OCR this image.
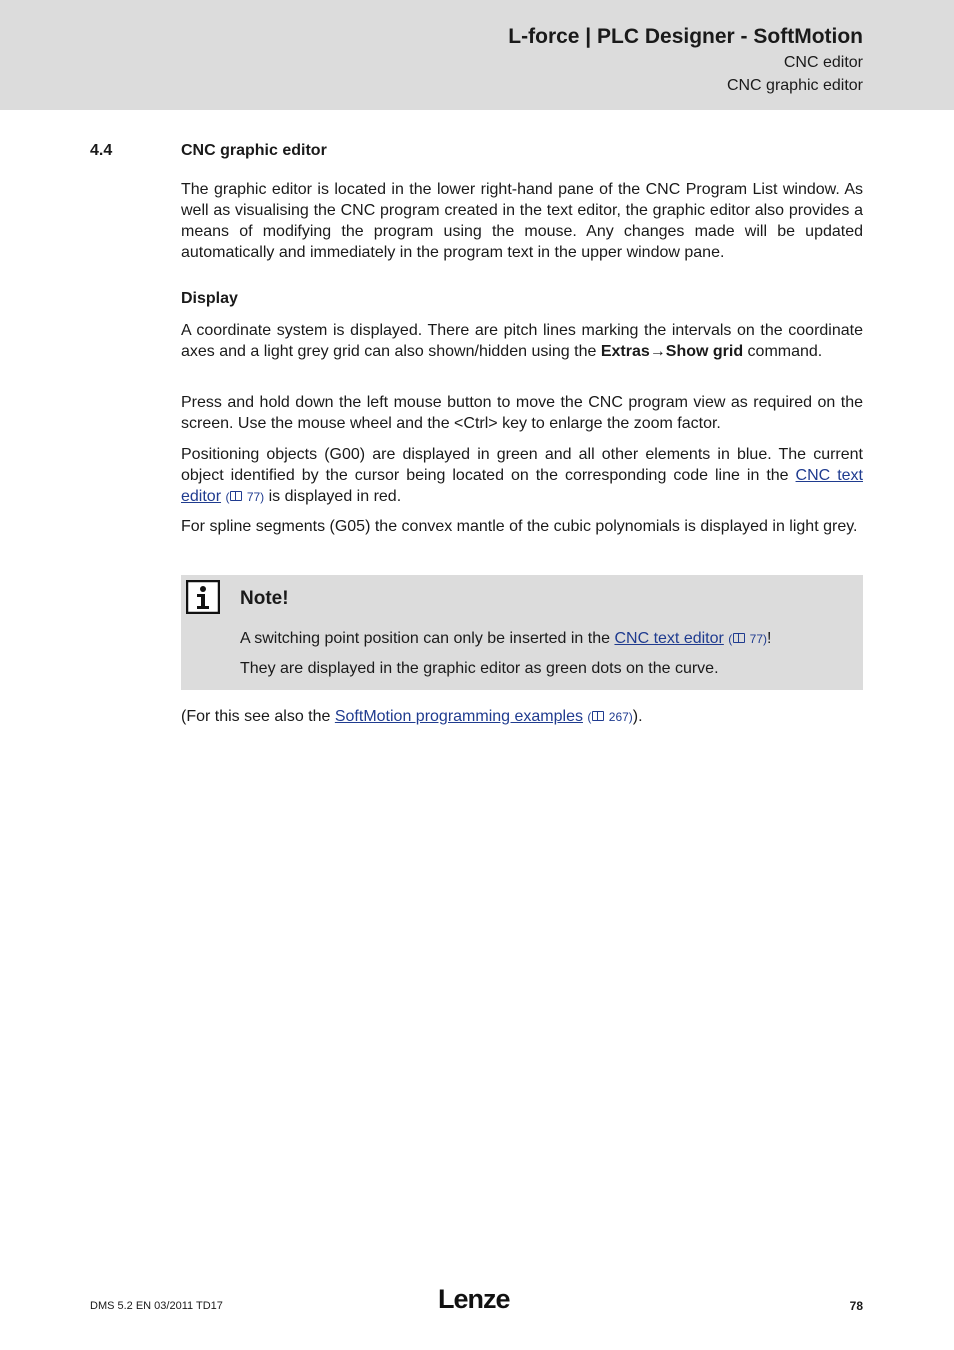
L-force | PLC Designer - SoftMotion
CNC editor
CNC graphic editor
4.4	CNC graphic editor
The graphic editor is located in the lower right-hand pane of the CNC Program List window. As well as visualising the CNC program created in the text editor, the graphic editor also provides a means of modifying the program using the mouse. Any changes made will be updated automatically and immediately in the program text in the upper window pane.
Display
A coordinate system is displayed. There are pitch lines marking the intervals on the coordinate axes and a light grey grid can also shown/hidden using the Extras→Show grid command.
Press and hold down the left mouse button to move the CNC program view as required on the screen. Use the mouse wheel and the <Ctrl> key to enlarge the zoom factor.
Positioning objects (G00) are displayed in green and all other elements in blue. The current object identified by the cursor being located on the corresponding code line in the CNC text editor ( 77) is displayed in red.
For spline segments (G05) the convex mantle of the cubic polynomials is displayed in light grey.
Note!
A switching point position can only be inserted in the CNC text editor ( 77)!
They are displayed in the graphic editor as green dots on the curve.
(For this see also the SoftMotion programming examples ( 267)).
DMS 5.2 EN 03/2011 TD17	Lenze	78
